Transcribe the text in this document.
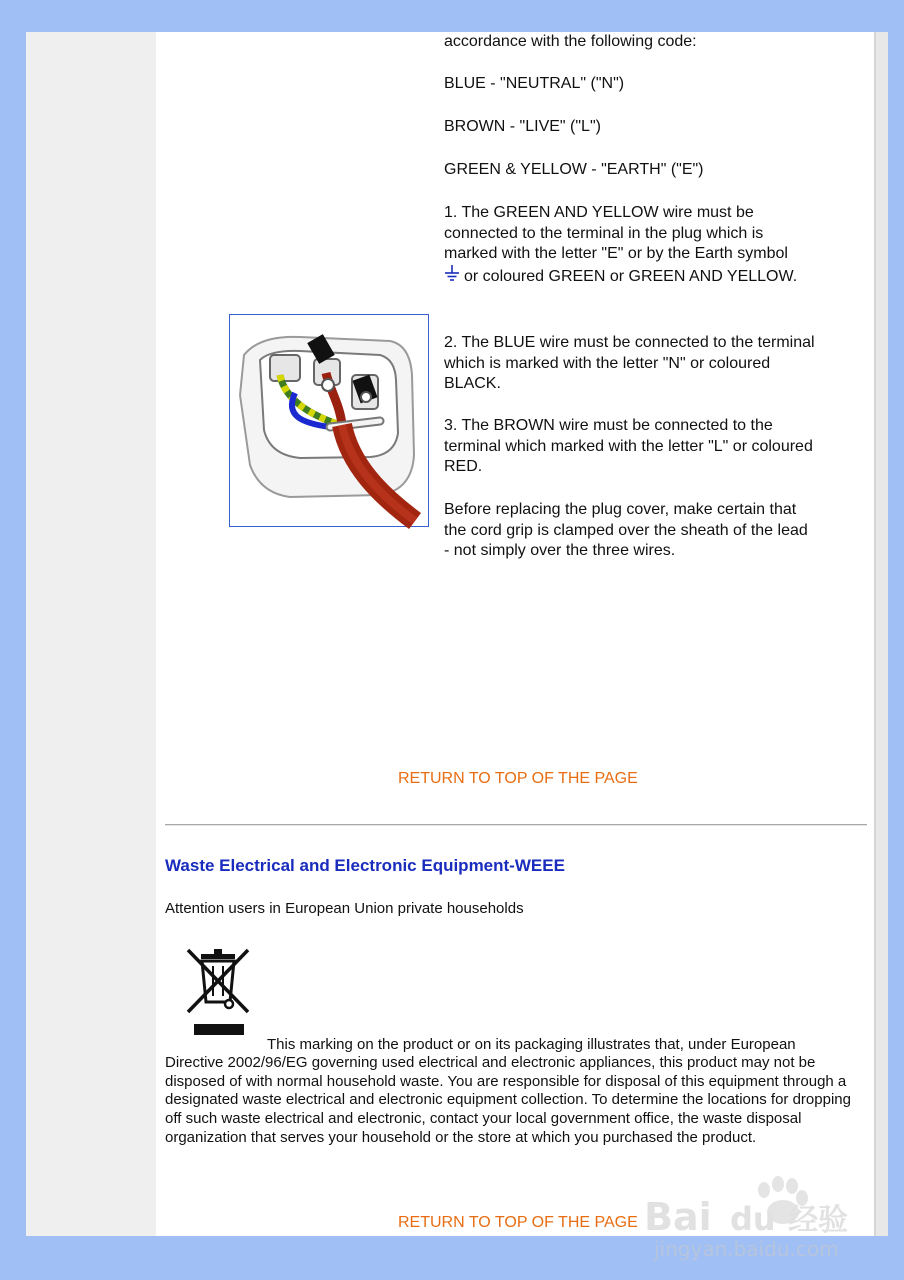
accordance with the following code:
BLUE - "NEUTRAL" ("N")
BROWN - "LIVE" ("L")
GREEN & YELLOW - "EARTH" ("E")
1. The GREEN AND YELLOW wire must be connected to the terminal in the plug which is marked with the letter "E" or by the Earth symbol
or coloured GREEN or GREEN AND YELLOW.
2. The BLUE wire must be connected to the terminal which is marked with the letter "N" or coloured BLACK.
3. The BROWN wire must be connected to the terminal which marked with the letter "L" or coloured RED.
Before replacing the plug cover, make certain that the cord grip is clamped over the sheath of the lead - not simply over the three wires.
RETURN TO TOP OF THE PAGE
Waste Electrical and Electronic Equipment-WEEE
Attention users in European Union private households
This marking on the product or on its packaging illustrates that, under European
Directive 2002/96/EG governing used electrical and electronic appliances, this product may not be disposed of with normal household waste. You are responsible for disposal of this equipment through a designated waste electrical and electronic equipment collection. To determine the locations for dropping off such waste electrical and electronic, contact your local government office, the waste disposal organization that serves your household or the store at which you purchased the product.
RETURN TO TOP OF THE PAGE Bai du 经验
jingyan.baidu.com
